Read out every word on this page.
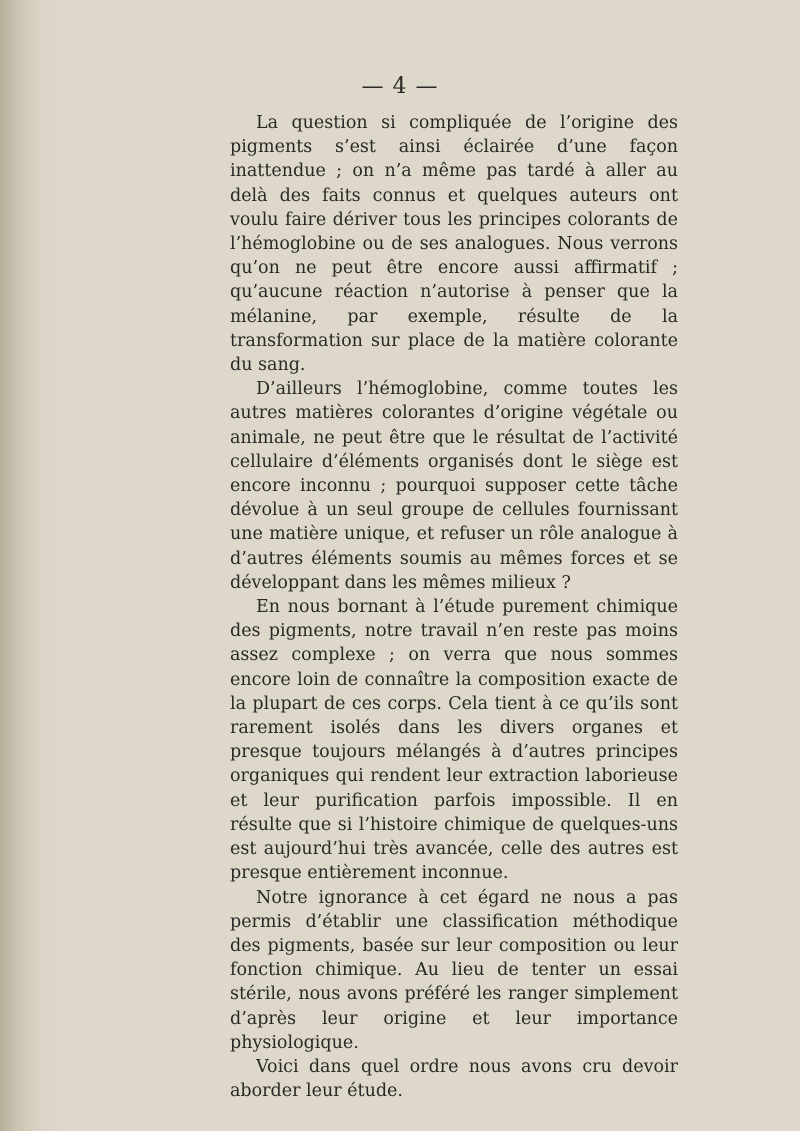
— 4 —

La question si compliquée de l’origine des pigments s’est ainsi éclairée d’une façon inattendue ; on n’a même pas tardé à aller au delà des faits connus et quelques auteurs ont voulu faire dériver tous les principes colorants de l’hémoglobine ou de ses analogues. Nous verrons qu’on ne peut être encore aussi affirmatif ; qu’aucune réaction n’autorise à penser que la mélanine, par exemple, résulte de la transformation sur place de la matière colorante du sang.

D’ailleurs l’hémoglobine, comme toutes les autres matières colorantes d’origine végétale ou animale, ne peut être que le résultat de l’activité cellulaire d’éléments organisés dont le siège est encore inconnu ; pourquoi supposer cette tâche dévolue à un seul groupe de cellules fournissant une matière unique, et refuser un rôle analogue à d’autres éléments soumis au mêmes forces et se développant dans les mêmes milieux ?

En nous bornant à l’étude purement chimique des pigments, notre travail n’en reste pas moins assez complexe ; on verra que nous sommes encore loin de connaître la composition exacte de la plupart de ces corps. Cela tient à ce qu’ils sont rarement isolés dans les divers organes et presque toujours mélangés à d’autres principes organiques qui rendent leur extraction laborieuse et leur purification parfois impossible. Il en résulte que si l’histoire chimique de quelques-uns est aujourd’hui très avancée, celle des autres est presque entièrement inconnue.

Notre ignorance à cet égard ne nous a pas permis d’établir une classification méthodique des pigments, basée sur leur composition ou leur fonction chimique. Au lieu de tenter un essai stérile, nous avons préféré les ranger simplement d’après leur origine et leur importance physiologique.

Voici dans quel ordre nous avons cru devoir aborder leur étude.
